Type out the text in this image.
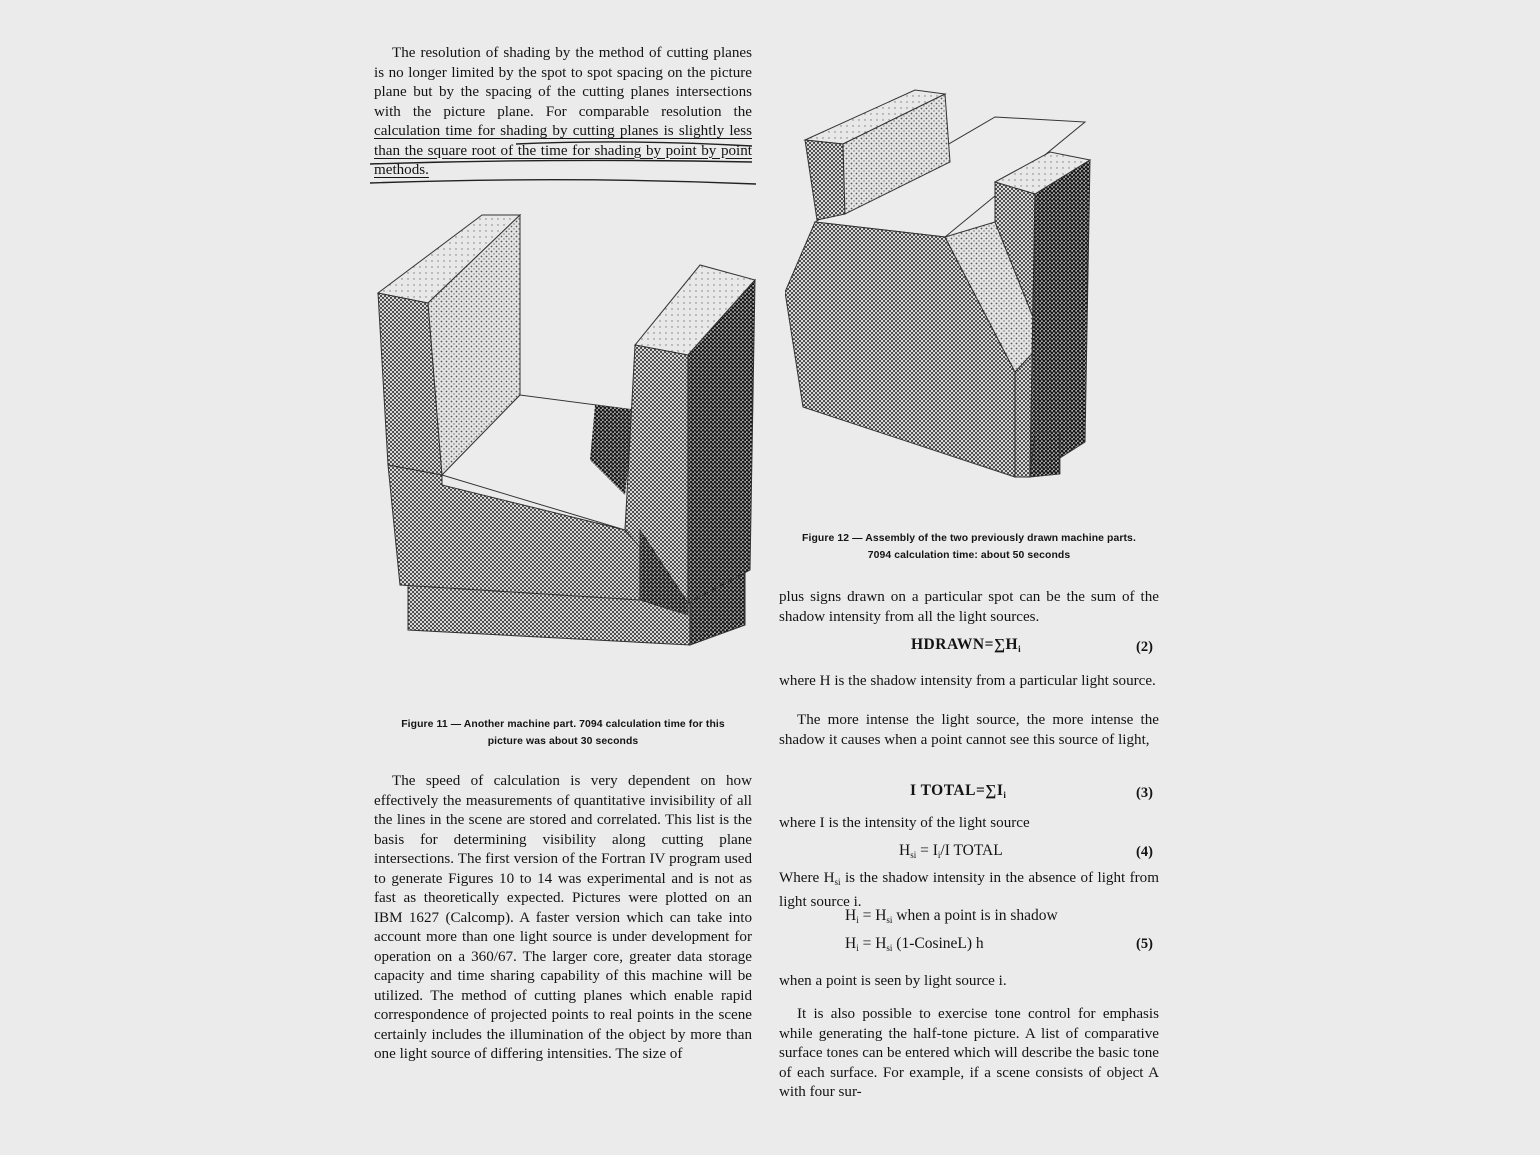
The resolution of shading by the method of cutting planes is no longer limited by the spot to spot spacing on the picture plane but by the spacing of the cutting planes intersections with the picture plane. For comparable resolution the calculation time for shading by cutting planes is slightly less than the square root of the time for shading by point by point methods.

Figure 11 — Another machine part. 7094 calculation time for this
picture was about 30 seconds

The speed of calculation is very dependent on how effectively the measurements of quantitative invisibility of all the lines in the scene are stored and correlated. This list is the basis for determining visibility along cutting plane intersections. The first version of the Fortran IV program used to generate Figures 10 to 14 was experimental and is not as fast as theoretically expected. Pictures were plotted on an IBM 1627 (Calcomp). A faster version which can take into account more than one light source is under development for operation on a 360/67. The larger core, greater data storage capacity and time sharing capability of this machine will be utilized. The method of cutting planes which enable rapid correspondence of projected points to real points in the scene certainly includes the illumination of the object by more than one light source of differing intensities. The size of

Figure 12 — Assembly of the two previously drawn machine parts.
7094 calculation time: about 50 seconds

plus signs drawn on a particular spot can be the sum of the shadow intensity from all the light sources.

$HDRAWN=\sum H_i$	(2)

where H is the shadow intensity from a particular light source.

The more intense the light source, the more intense the shadow it causes when a point cannot see this source of light,

I $TOTAL=\sum I_i$	(3)

where I is the intensity of the light source

$H_{si} = I_i/I$ TOTAL	(4)

Where $H_{si}$ is the shadow intensity in the absence of light from light source i.

$H_i = H_{si}$ when a point is in shadow
$H_i = H_{si}$ (1-CosineL) h	(5)

when a point is seen by light source i.

It is also possible to exercise tone control for emphasis while generating the half-tone picture. A list of comparative surface tones can be entered which will describe the basic tone of each surface. For example, if a scene consists of object A with four sur-
